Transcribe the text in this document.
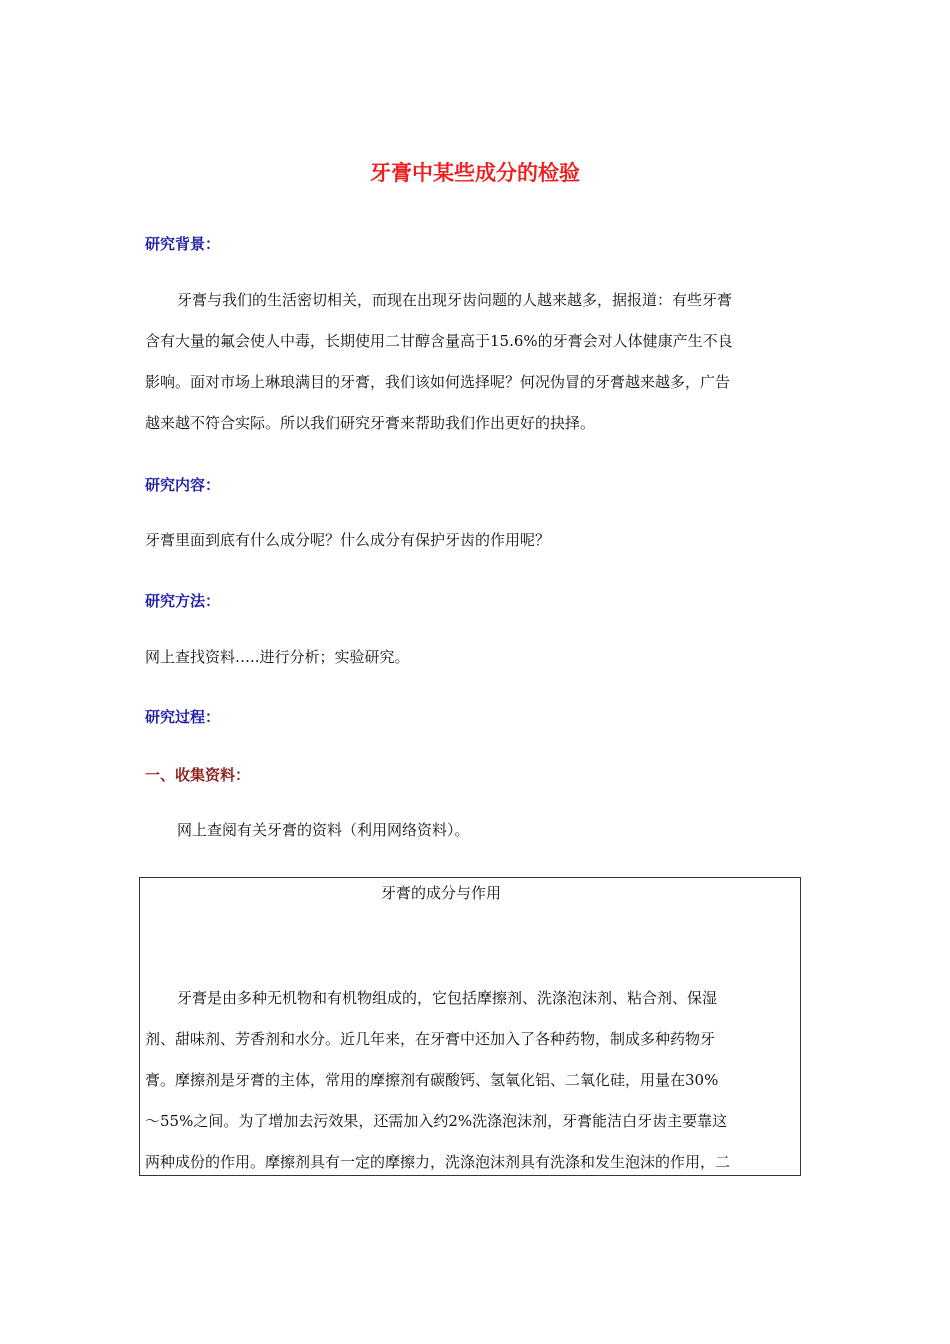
牙膏中某些成分的检验
研究背景：
牙膏与我们的生活密切相关，而现在出现牙齿问题的人越来越多，据报道：有些牙膏
含有大量的氟会使人中毒，长期使用二甘醇含量高于15.6%的牙膏会对人体健康产生不良
影响。面对市场上琳琅满目的牙膏，我们该如何选择呢？何况伪冒的牙膏越来越多，广告
越来越不符合实际。所以我们研究牙膏来帮助我们作出更好的抉择。
研究内容：
牙膏里面到底有什么成分呢？什么成分有保护牙齿的作用呢？
研究方法：
网上查找资料…..进行分析；实验研究。
研究过程：
一、收集资料：
网上查阅有关牙膏的资料（利用网络资料）。
牙膏的成分与作用
牙膏是由多种无机物和有机物组成的，它包括摩擦剂、洗涤泡沫剂、粘合剂、保湿
剂、甜味剂、芳香剂和水分。近几年来，在牙膏中还加入了各种药物，制成多种药物牙
膏。摩擦剂是牙膏的主体，常用的摩擦剂有碳酸钙、氢氧化铝、二氧化硅，用量在30%
～55%之间。为了增加去污效果，还需加入约2%洗涤泡沫剂，牙膏能洁白牙齿主要靠这
两种成份的作用。摩擦剂具有一定的摩擦力，洗涤泡沫剂具有洗涤和发生泡沫的作用，二
